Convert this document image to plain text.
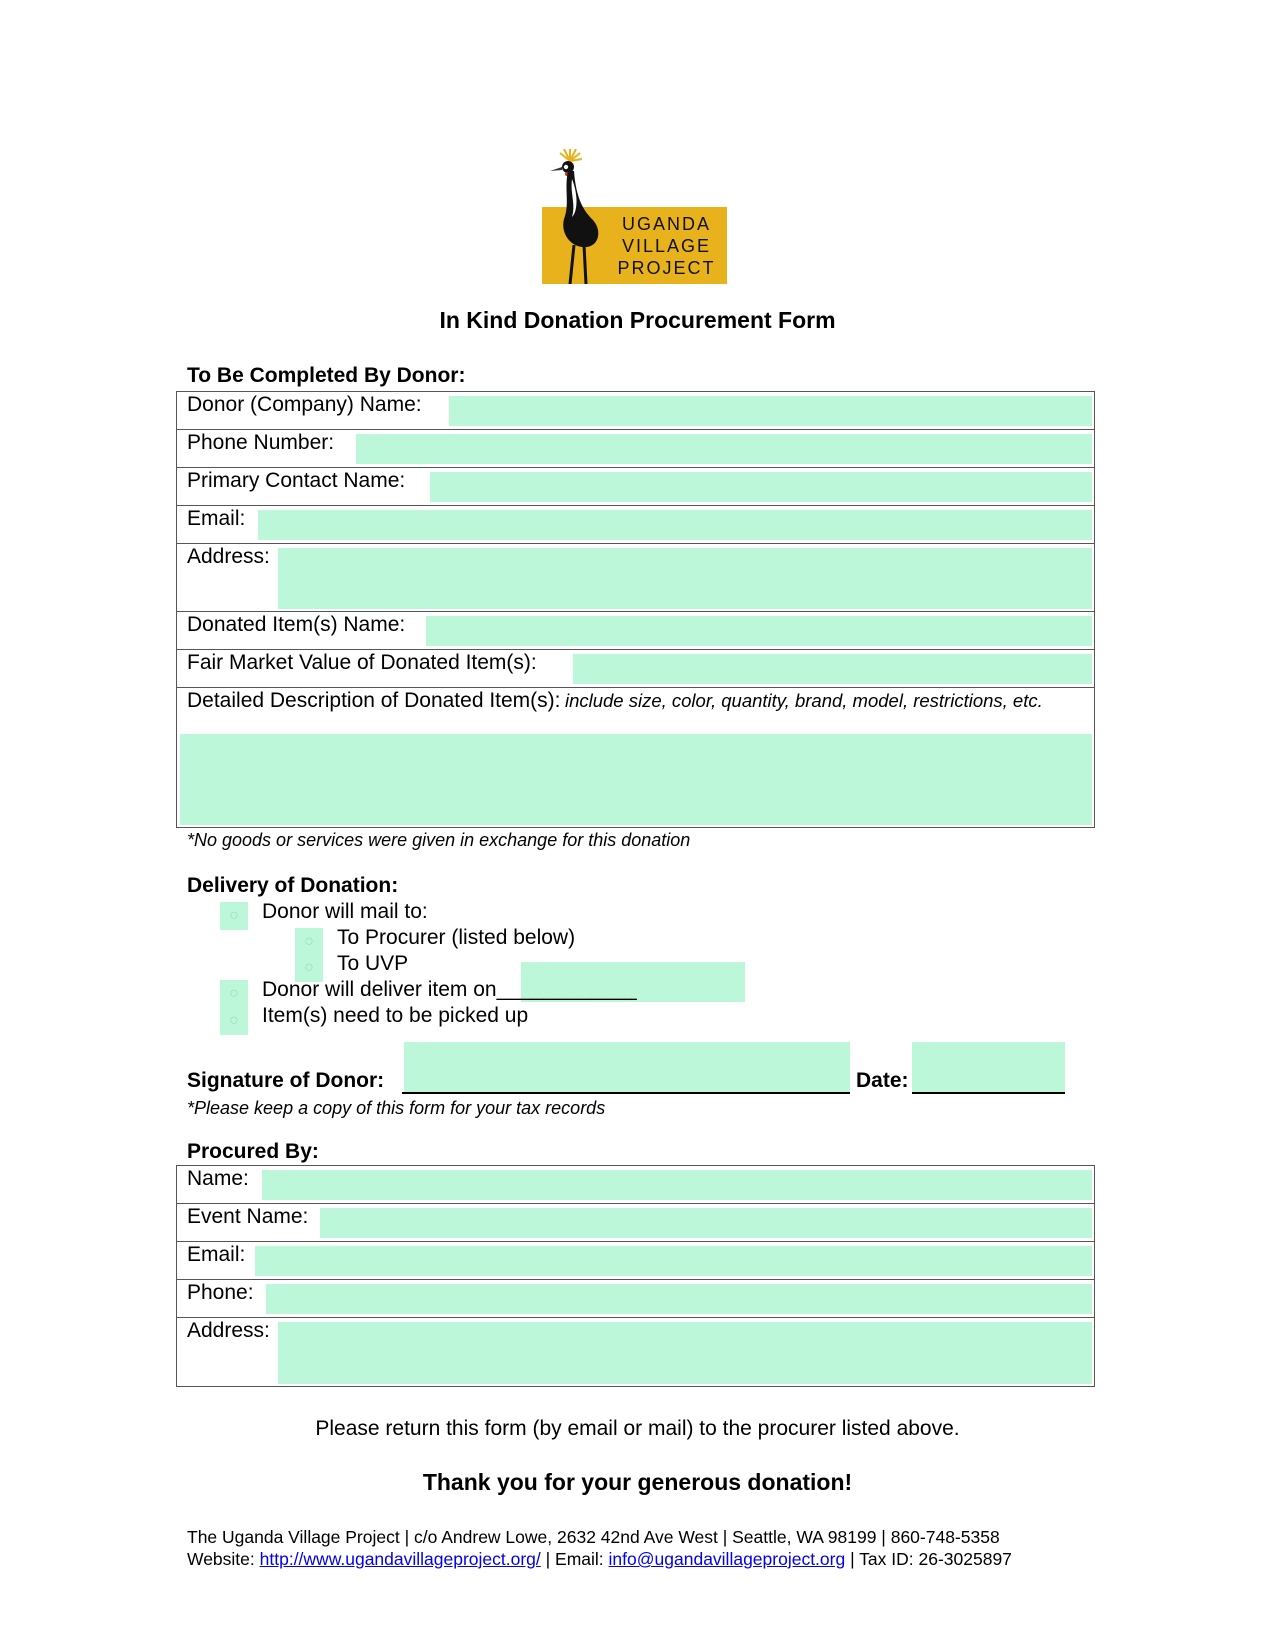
UGANDA
VILLAGE
PROJECT
In Kind Donation Procurement Form
To Be Completed By Donor:
Donor (Company) Name:
Phone Number:
Primary Contact Name:
Email:
Address:
Donated Item(s) Name:
Fair Market Value of Donated Item(s):
Detailed Description of Donated Item(s): include size, color, quantity, brand, model, restrictions, etc.
*No goods or services were given in exchange for this donation
Delivery of Donation:
○	Donor will mail to:
○	To Procurer (listed below)
○	To UVP
○	Donor will deliver item on____________
○	Item(s) need to be picked up
Signature of Donor:	Date:
*Please keep a copy of this form for your tax records
Procured By:
Name:
Event Name:
Email:
Phone:
Address:
Please return this form (by email or mail) to the procurer listed above.
Thank you for your generous donation!
The Uganda Village Project | c/o Andrew Lowe, 2632 42nd Ave West | Seattle, WA 98199 | 860-748-5358
Website: http://www.ugandavillageproject.org/ | Email: info@ugandavillageproject.org | Tax ID: 26-3025897
